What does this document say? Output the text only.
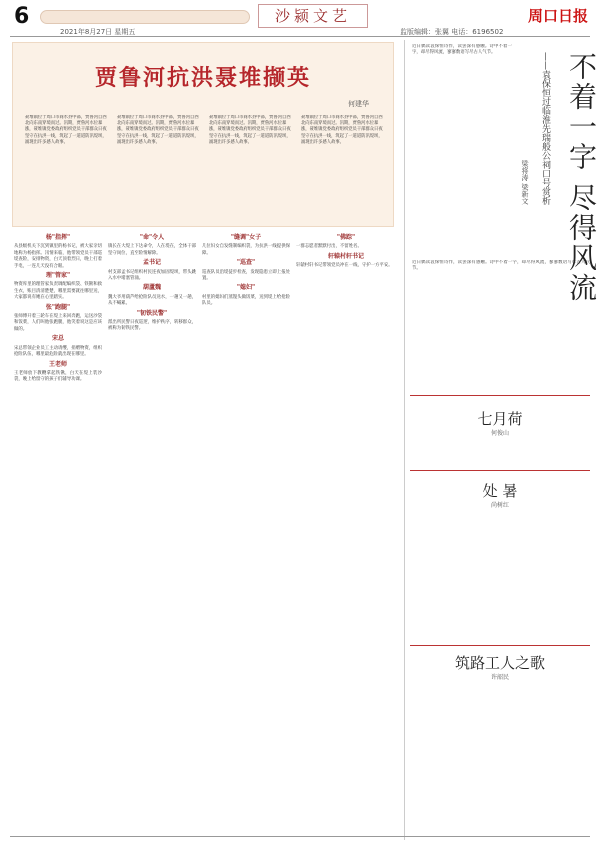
6
2021年8月27日 星期五
沙颍文艺	周口日报
监版编辑：张翼 电话：6196502
贾鲁河抗洪聂堆撷英
何建华
聂堆镇位于周口市商水县中部，贾鲁河自西北向东南穿境而过。汛期，贾鲁河水位暴涨，聂堆镇党委政府组织党员干部群众日夜坚守在抗洪一线，筑起了一道道防汛堤坝，涌现出许多感人故事。
聂堆镇位于周口市商水县中部，贾鲁河自西北向东南穿境而过。汛期，贾鲁河水位暴涨，聂堆镇党委政府组织党员干部群众日夜坚守在抗洪一线，筑起了一道道防汛堤坝，涌现出许多感人故事。
聂堆镇位于周口市商水县中部，贾鲁河自西北向东南穿境而过。汛期，贾鲁河水位暴涨，聂堆镇党委政府组织党员干部群众日夜坚守在抗洪一线，筑起了一道道防汛堤坝，涌现出许多感人故事。
聂堆镇位于周口市商水县中部，贾鲁河自西北向东南穿境而过。汛期，贾鲁河水位暴涨，聂堆镇党委政府组织党员干部群众日夜坚守在抗洪一线，筑起了一道道防汛堤坝，涌现出许多感人故事。
杨"指挥"
从县级机关下沉到镇里的杨书记，被大家亲切地称为杨指挥。汛情来临，他带领党员干部巡堤查险，安排物资，白天顶着烈日，晚上打着手电，一连几天没有合眼。
理"管家"
物资库里的理管家负责调配编织袋、铁锹和救生衣，账目清清楚楚，哪里需要就往哪里送，大家都说有她在心里踏实。
张"跑腿"
张师傅开着三轮车在堤上来回奔跑，运送沙袋和饭菜，人们叫他张跑腿，他笑着说这是应该做的。
宋总
宋总带领企业员工主动请缨，捐赠物资，组织抢险队伍，哪里最危险就出现在哪里。
王老师
王老师放下教鞭拿起铁锹，白天在堤上装沙袋，晚上给留守的孩子们辅导功课。
"命"令人
镇长在大堤上下达命令，人在堤在，全体干部坚守岗位，直至险情解除。
孟书记
村支部孟书记组织村民连夜加固堤坝，带头跳入水中堵塞管涌。
葫蘆魏
魏大爷用葫芦给抢险队员送水，一趟又一趟，从不喊累。
"韧铁民警"
派出所民警日夜巡逻，维护秩序，转移群众，被称为韧铁民警。
"缝调"女子
几位妇女自发缝制编织袋，为抗洪一线提供保障。
"巡查"
巡查队员沿堤徒步检查，发现隐患立即上报处置。
"媳妇"
村里的媳妇们蒸馒头做饭菜，送到堤上给抢险队员。
"佛踪"
一群志愿者默默付出，不留姓名。
轩辕村轩书记
轩辕村轩书记带领党员冲在一线，守护一方平安。	不着一字 尽得风流
——袁保恒过临淮先瑞般公祠口号赏析
梁将涛 梁新文
近日偶读袁保恒诗作，读罢深有感触。诗中不着一字，却尽得风流，寥寥数语写尽古人气节。
近日偶读袁保恒诗作，读罢深有感触。诗中不着一字，却尽得风流，寥寥数语写尽古人气节。
七月荷
何俊山
处 暑
尚树红
筑路工人之歌
许韶民
